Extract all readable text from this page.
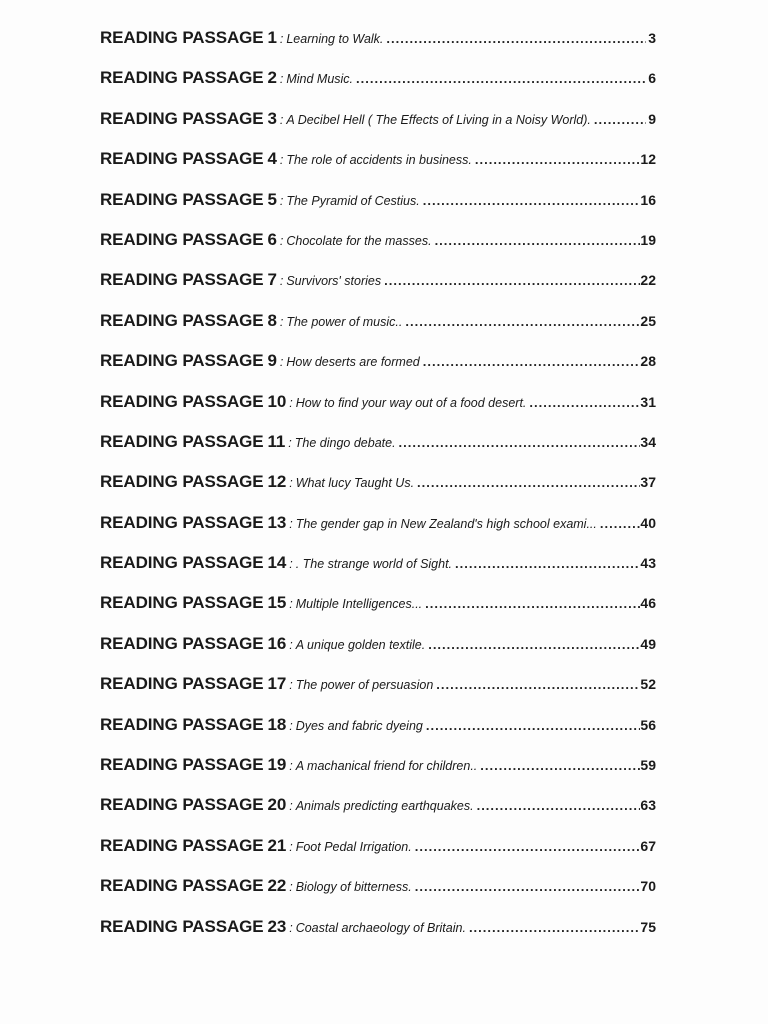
READING PASSAGE 1 : Learning to Walk. .....	3
READING PASSAGE 2 : Mind Music. .....	6
READING PASSAGE 3 : A Decibel Hell ( The Effects of Living in a Noisy World). .....	9
READING PASSAGE 4 : The role of accidents in business. .....	12
READING PASSAGE 5 : The Pyramid of Cestius. .....	16
READING PASSAGE 6 : Chocolate for the masses. .....	19
READING PASSAGE 7 : Survivors' stories .....	22
READING PASSAGE 8 : The power of music.. .....	25
READING PASSAGE 9 : How deserts are formed .....	28
READING PASSAGE 10 : How to find your way out of a food desert. .....	31
READING PASSAGE 11 : The dingo debate. .....	34
READING PASSAGE 12 : What lucy Taught Us. .....	37
READING PASSAGE 13 : The gender gap in New Zealand's high school exami... .....	40
READING PASSAGE 14 : . The strange world of Sight. .....	43
READING PASSAGE 15 : Multiple Intelligences... .....	46
READING PASSAGE 16 : A unique golden textile. .....	49
READING PASSAGE 17 : The power of persuasion .....	52
READING PASSAGE 18 : Dyes and fabric dyeing .....	56
READING PASSAGE 19 : A machanical friend for children.. .....	59
READING PASSAGE 20 : Animals predicting earthquakes. .....	63
READING PASSAGE 21 : Foot Pedal Irrigation. .....	67
READING PASSAGE 22 : Biology of bitterness. .....	70
READING PASSAGE 23 : Coastal archaeology of Britain. .....	75
